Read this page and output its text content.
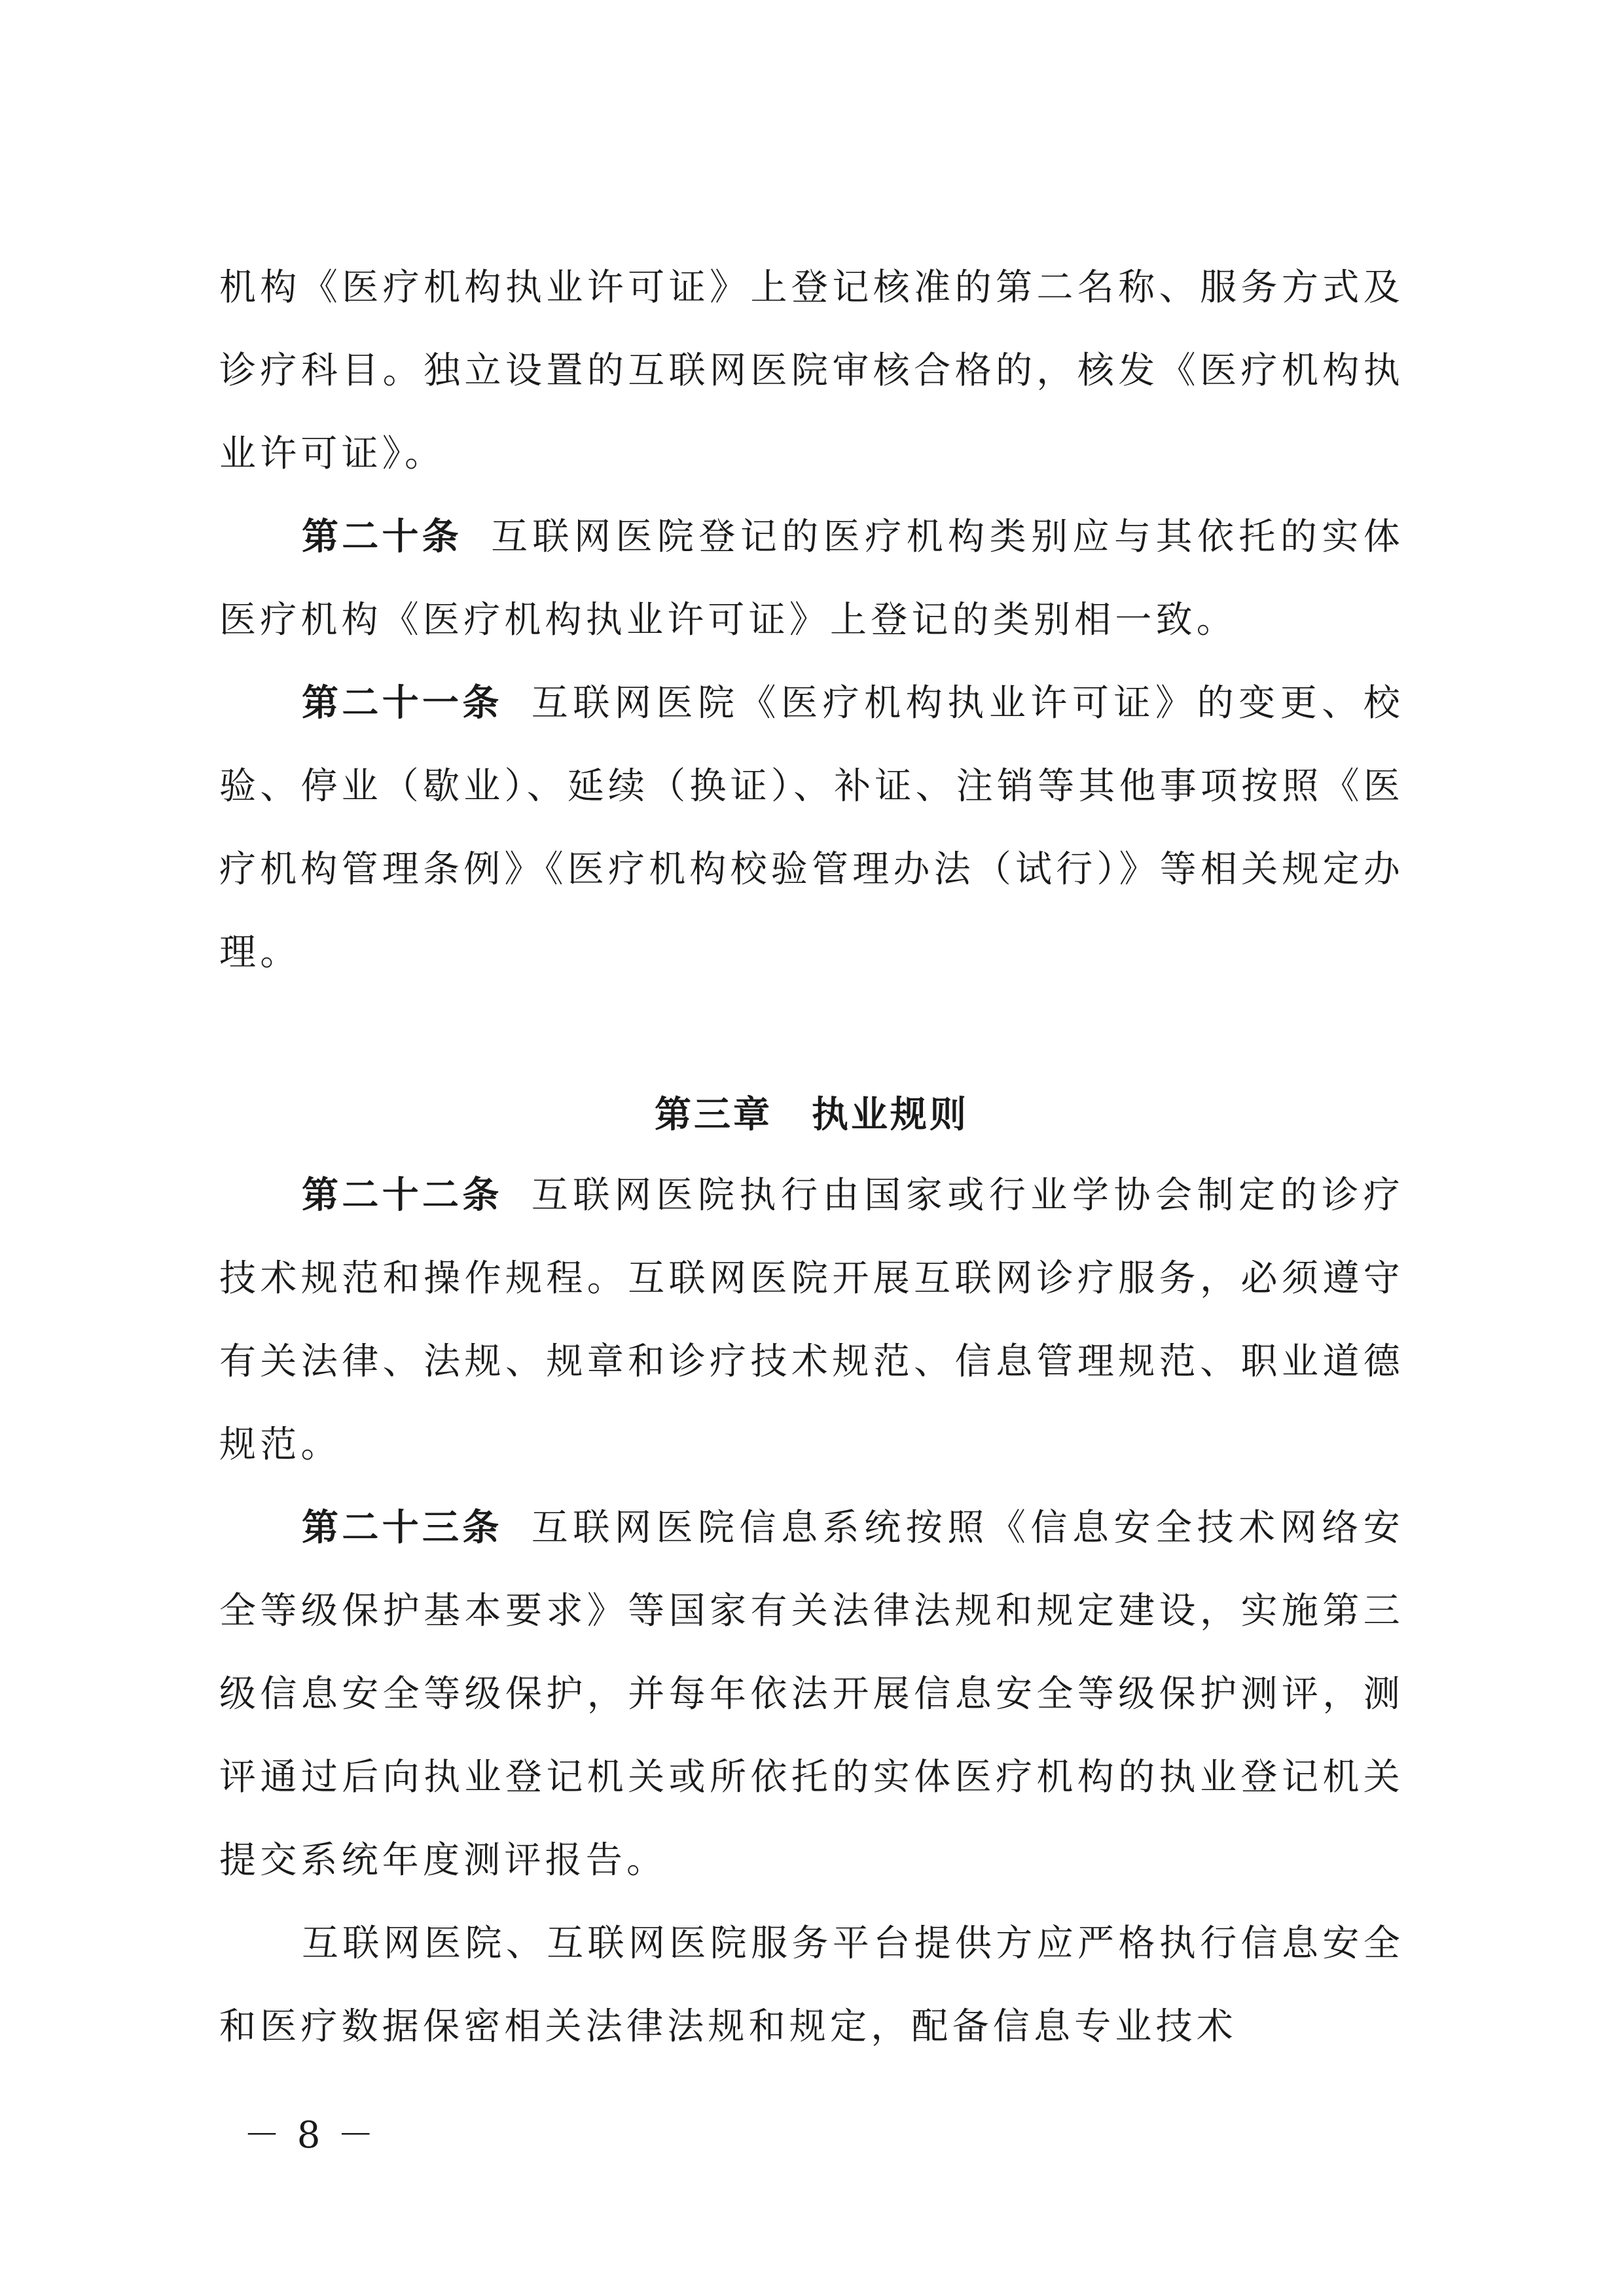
机构《医疗机构执业许可证》上登记核准的第二名称、服务方式及诊疗科目。独立设置的互联网医院审核合格的，核发《医疗机构执业许可证》。

第二十条 互联网医院登记的医疗机构类别应与其依托的实体医疗机构《医疗机构执业许可证》上登记的类别相一致。

第二十一条 互联网医院《医疗机构执业许可证》的变更、校验、停业（歇业）、延续（换证）、补证、注销等其他事项按照《医疗机构管理条例》《医疗机构校验管理办法（试行）》等相关规定办理。

第三章　执业规则

第二十二条 互联网医院执行由国家或行业学协会制定的诊疗技术规范和操作规程。互联网医院开展互联网诊疗服务，必须遵守有关法律、法规、规章和诊疗技术规范、信息管理规范、职业道德规范。

第二十三条 互联网医院信息系统按照《信息安全技术网络安全等级保护基本要求》等国家有关法律法规和规定建设，实施第三级信息安全等级保护，并每年依法开展信息安全等级保护测评，测评通过后向执业登记机关或所依托的实体医疗机构的执业登记机关提交系统年度测评报告。

互联网医院、互联网医院服务平台提供方应严格执行信息安全和医疗数据保密相关法律法规和规定，配备信息专业技术

－ 8 －
